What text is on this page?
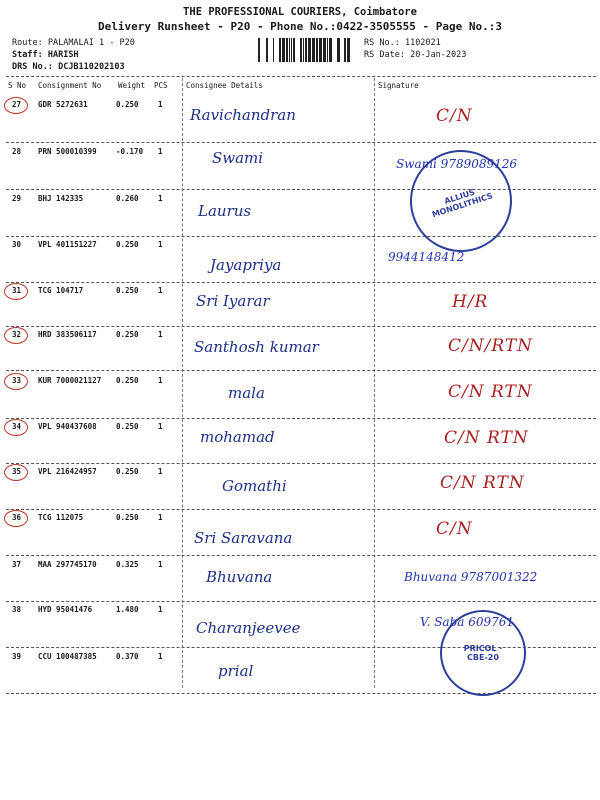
THE PROFESSIONAL COURIERS, Coimbatore
Delivery Runsheet - P20 - Phone No.:0422-3505555 - Page No.:3
Route: PALAMALAI 1 - P20
Staff: HARISH
DRS No.: DCJB110202103
RS No.: 1102021
RS Date: 20-Jan-2023
S No Consignment No Weight PCS Consignee Details	Signature
27 GDR 5272631	0.250	1
Ravichandran	C/N
28 PRN 500010399	-0.170 1	Swami	Swami 9789089126
29 BHJ 142335	0.260	1
Laurus
30 VPL 401151227	0.250	1
Jayapriya	9944148412
31 TCG 104717	0.250	1
Sri Iyarar	H/R
32 HRD 383506117	0.250	1
Santhosh kumar	C/N/RTN
33 KUR 7000021127 0.250	1
mala	C/N RTN
34 VPL 940437608	0.250	1
mohamad	C/N RTN
35 VPL 216424957	0.250	1
Gomathi	C/N RTN
36 TCG 112075	0.250	1
Sri Saravana	C/N
37 MAA 297745170	0.325	1
Bhuvana	Bhuvana 9787001322
38 HYD 95041476	1.480	1
Charanjeevee	V. Saba 609761
39 CCU 100487385	0.370	1
prial
ALLIUS MONOLITHICS
PRICOL · CBE-20
